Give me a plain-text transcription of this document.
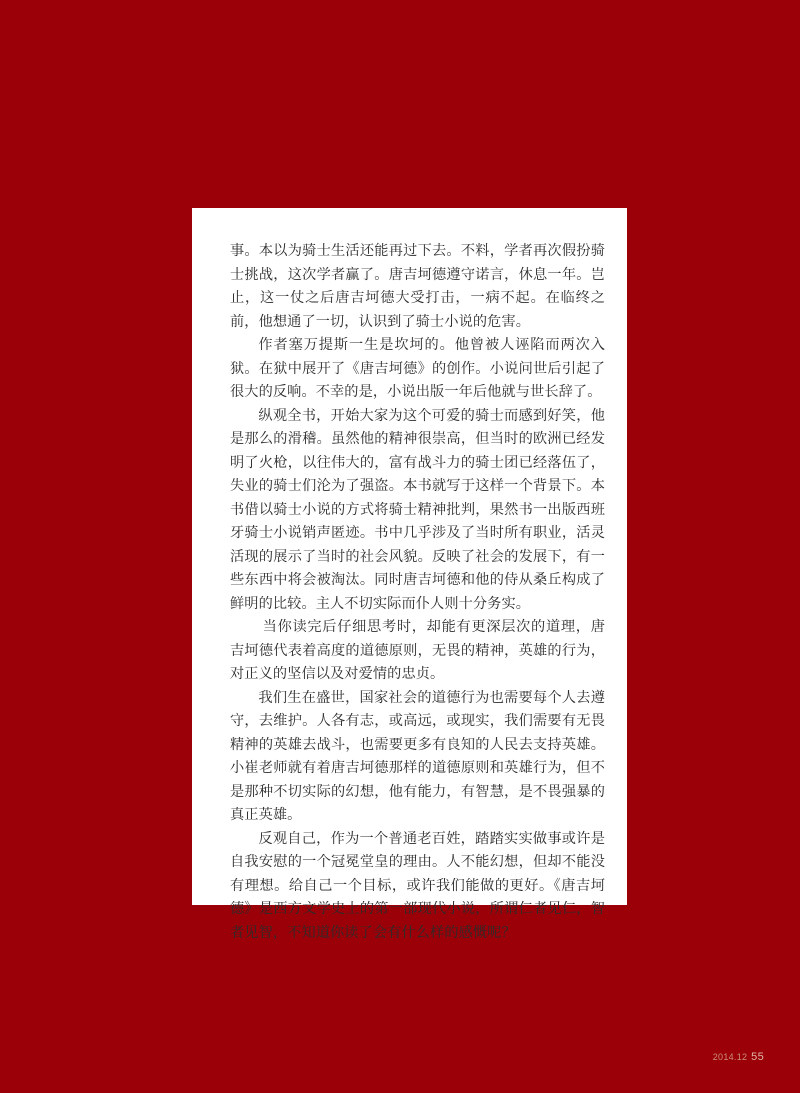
事。本以为骑士生活还能再过下去。不料，学者再次假扮骑士挑战，这次学者赢了。唐吉坷德遵守诺言，休息一年。岂止，这一仗之后唐吉坷德大受打击，一病不起。在临终之前，他想通了一切，认识到了骑士小说的危害。

作者塞万提斯一生是坎坷的。他曾被人诬陷而两次入狱。在狱中展开了《唐吉坷德》的创作。小说问世后引起了很大的反响。不幸的是，小说出版一年后他就与世长辞了。

纵观全书，开始大家为这个可爱的骑士而感到好笑，他是那么的滑稽。虽然他的精神很崇高，但当时的欧洲已经发明了火枪，以往伟大的，富有战斗力的骑士团已经落伍了，失业的骑士们沦为了强盗。本书就写于这样一个背景下。本书借以骑士小说的方式将骑士精神批判，果然书一出版西班牙骑士小说销声匿迹。书中几乎涉及了当时所有职业，活灵活现的展示了当时的社会风貌。反映了社会的发展下，有一些东西中将会被淘汰。同时唐吉坷德和他的侍从桑丘构成了鲜明的比较。主人不切实际而仆人则十分务实。

当你读完后仔细思考时，却能有更深层次的道理，唐吉坷德代表着高度的道德原则，无畏的精神，英雄的行为，对正义的坚信以及对爱情的忠贞。

我们生在盛世，国家社会的道德行为也需要每个人去遵守，去维护。人各有志，或高远，或现实，我们需要有无畏精神的英雄去战斗，也需要更多有良知的人民去支持英雄。小崔老师就有着唐吉坷德那样的道德原则和英雄行为，但不是那种不切实际的幻想，他有能力，有智慧，是不畏强暴的真正英雄。

反观自己，作为一个普通老百姓，踏踏实实做事或许是自我安慰的一个冠冕堂皇的理由。人不能幻想，但却不能没有理想。给自己一个目标，或许我们能做的更好。《唐吉坷德》是西方文学史上的第一部现代小说，所谓仁者见仁，智者见智，不知道你读了会有什么样的感慨呢？

2014.12 55
